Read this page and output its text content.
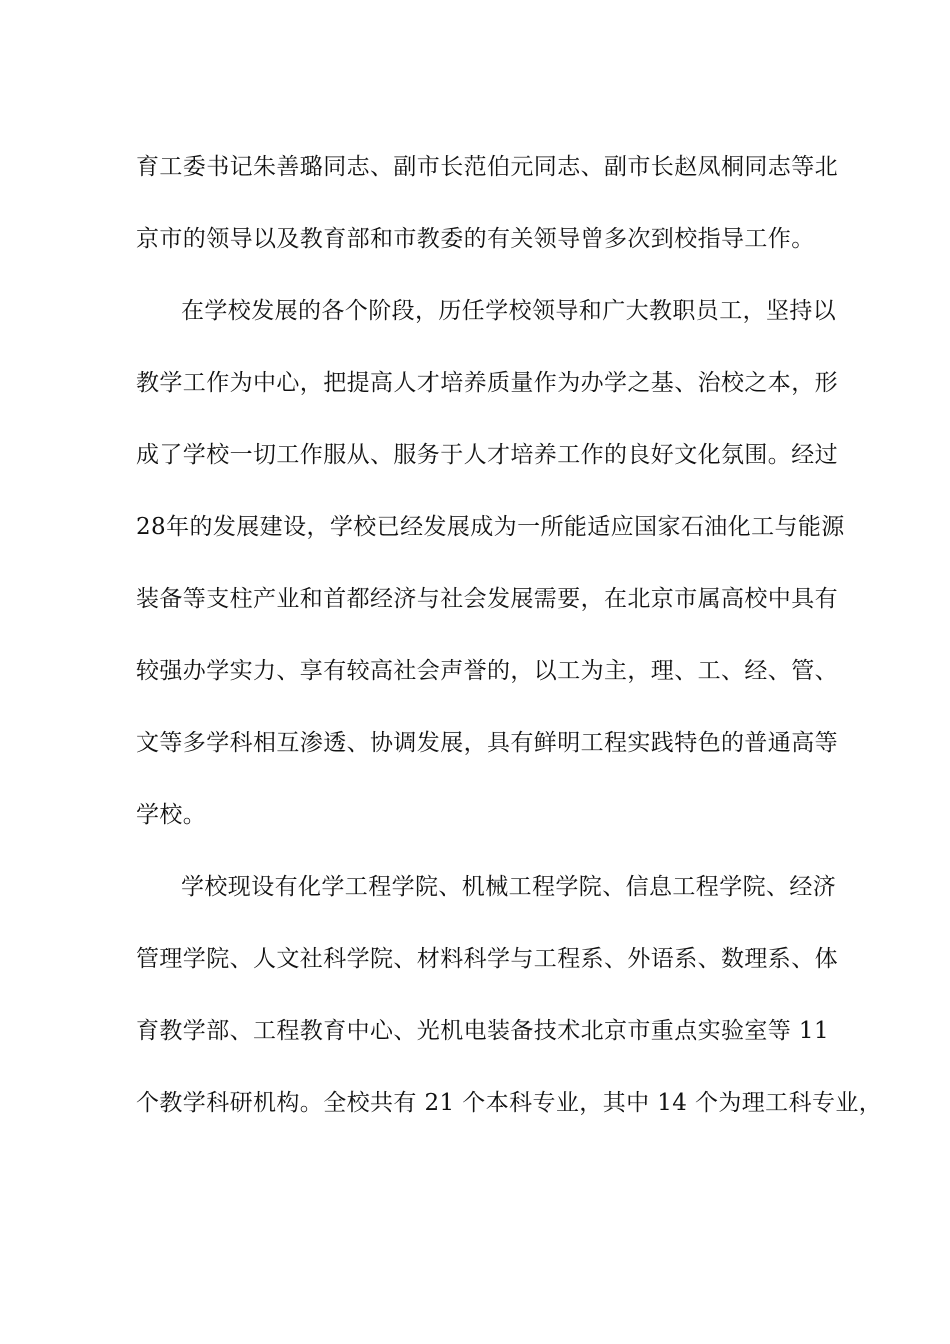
育工委书记朱善璐同志、副市长范伯元同志、副市长赵凤桐同志等北
京市的领导以及教育部和市教委的有关领导曾多次到校指导工作。
在学校发展的各个阶段，历任学校领导和广大教职员工，坚持以
教学工作为中心，把提高人才培养质量作为办学之基、治校之本，形
成了学校一切工作服从、服务于人才培养工作的良好文化氛围。经过
28年的发展建设，学校已经发展成为一所能适应国家石油化工与能源
装备等支柱产业和首都经济与社会发展需要，在北京市属高校中具有
较强办学实力、享有较高社会声誉的，以工为主，理、工、经、管、
文等多学科相互渗透、协调发展，具有鲜明工程实践特色的普通高等
学校。
学校现设有化学工程学院、机械工程学院、信息工程学院、经济
管理学院、人文社科学院、材料科学与工程系、外语系、数理系、体
育教学部、工程教育中心、光机电装备技术北京市重点实验室等 11
个教学科研机构。全校共有 21 个本科专业，其中 14 个为理工科专业，
